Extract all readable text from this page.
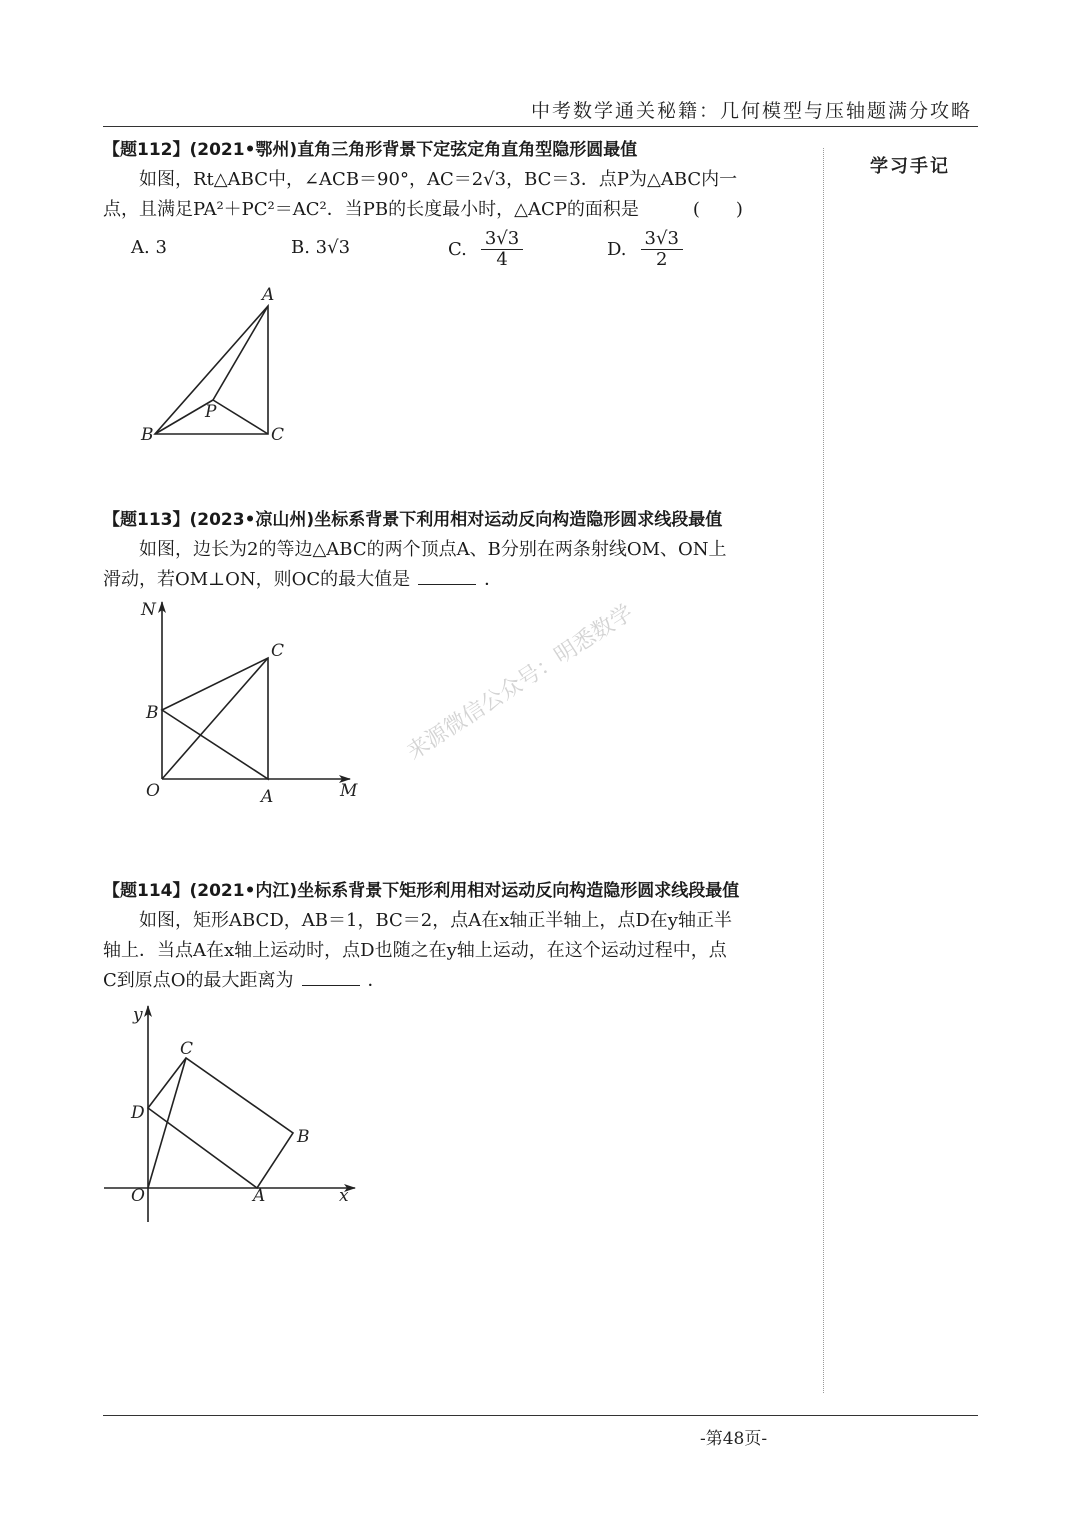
中考数学通关秘籍：几何模型与压轴题满分攻略
学习手记
【题112】(2021•鄂州)直角三角形背景下定弦定角直角型隐形圆最值

如图，Rt△ABC中，∠ACB＝90°，AC＝2√3，BC＝3．点P为△ABC内一
点，且满足PA²＋PC²＝AC²．当PB的长度最小时，△ACP的面积是　　　(　　)

A. 3	B. 3√3	C. $\frac{3√3}{4}$	D. $\frac{3√3}{2}$
【题113】(2023•凉山州)坐标系背景下利用相对运动反向构造隐形圆求线段最值

如图，边长为2的等边△ABC的两个顶点A、B分别在两条射线OM、ON上
滑动，若OM⊥ON，则OC的最大值是	．

【题114】(2021•内江)坐标系背景下矩形利用相对运动反向构造隐形圆求线段最值

如图，矩形ABCD，AB＝1，BC＝2，点A在x轴正半轴上，点D在y轴正半
轴上．当点A在x轴上运动时，点D也随之在y轴上运动，在这个运动过程中，点
C到原点O的最大距离为	．

来源微信公众号：明悉数学
A
B	C
P
N
C
B
O	A	M
y
C
D
B
O	A	x
-第48页-
